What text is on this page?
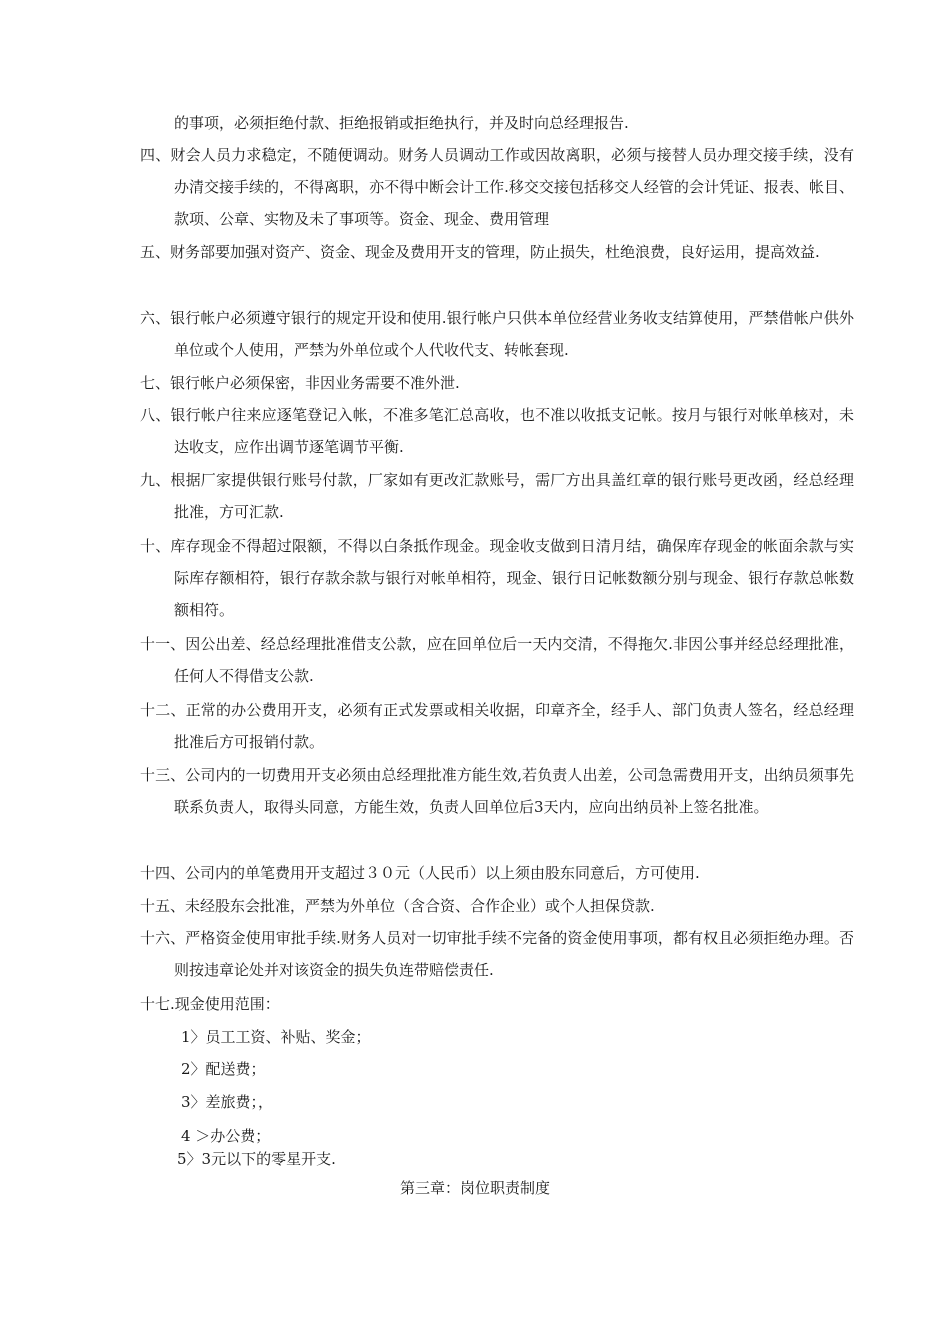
的事项，必须拒绝付款、拒绝报销或拒绝执行，并及时向总经理报告.

四、财会人员力求稳定，不随便调动。财务人员调动工作或因故离职，必须与接替人员办理交接手续，没有办清交接手续的，不得离职，亦不得中断会计工作.移交交接包括移交人经管的会计凭证、报表、帐目、款项、公章、实物及未了事项等。资金、现金、费用管理

五、财务部要加强对资产、资金、现金及费用开支的管理，防止损失，杜绝浪费，良好运用，提高效益.

六、银行帐户必须遵守银行的规定开设和使用.银行帐户只供本单位经营业务收支结算使用，严禁借帐户供外单位或个人使用，严禁为外单位或个人代收代支、转帐套现.

七、银行帐户必须保密，非因业务需要不准外泄.

八、银行帐户往来应逐笔登记入帐，不准多笔汇总高收，也不准以收抵支记帐。按月与银行对帐单核对，未达收支，应作出调节逐笔调节平衡.

九、根据厂家提供银行账号付款，厂家如有更改汇款账号，需厂方出具盖红章的银行账号更改函，经总经理批准，方可汇款.

十、库存现金不得超过限额，不得以白条抵作现金。现金收支做到日清月结，确保库存现金的帐面余款与实际库存额相符，银行存款余款与银行对帐单相符，现金、银行日记帐数额分别与现金、银行存款总帐数额相符。

十一、因公出差、经总经理批准借支公款，应在回单位后一天内交清，不得拖欠.非因公事并经总经理批准，任何人不得借支公款.

十二、正常的办公费用开支，必须有正式发票或相关收据，印章齐全，经手人、部门负责人签名，经总经理批准后方可报销付款。

十三、公司内的一切费用开支必须由总经理批准方能生效,若负责人出差，公司急需费用开支，出纳员须事先联系负责人，取得头同意，方能生效，负责人回单位后3天内，应向出纳员补上签名批准。

十四、公司内的单笔费用开支超过３０元（人民币）以上须由股东同意后，方可使用.

十五、未经股东会批准，严禁为外单位（含合资、合作企业）或个人担保贷款.

十六、严格资金使用审批手续.财务人员对一切审批手续不完备的资金使用事项，都有权且必须拒绝办理。否则按违章论处并对该资金的损失负连带赔偿责任.

十七.现金使用范围：

1〉员工工资、补贴、奖金；

2〉配送费；

3〉差旅费；，

4 ＞办公费；

5〉3元以下的零星开支.

第三章：岗位职责制度
